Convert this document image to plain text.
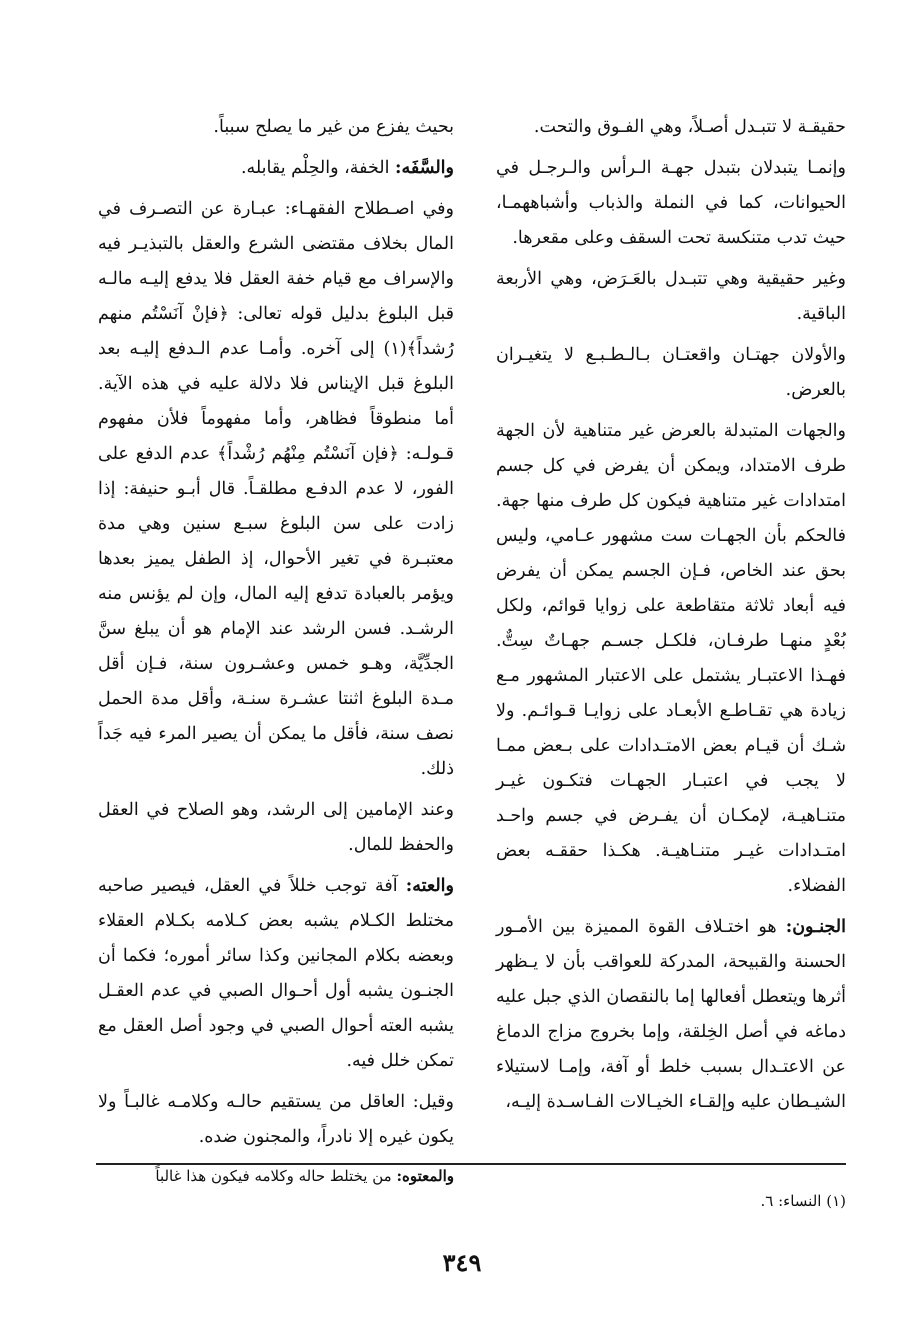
حقيقـة لا تتبـدل أصـلاً، وهي الفـوق والتحت.

وإنمـا يتبدلان بتبدل جهـة الـرأس والـرجـل في الحيوانات، كما في النملة والذباب وأشباههمـا، حيث تدب متنكسة تحت السقف وعلى مقعرها.

وغير حقيقية وهي تتبـدل بالعَـرَض، وهي الأربعة الباقية.

والأولان جهتـان واقعتـان بـالـطـبـع لا يتغيـران بالعرض.

والجهات المتبدلة بالعرض غير متناهية لأن الجهة طرف الامتداد، ويمكن أن يفرض في كل جسم امتدادات غير متناهية فيكون كل طرف منها جهة. فالحكم بأن الجهـات ست مشهور عـامي، وليس بحق عند الخاص، فـإن الجسم يمكن أن يفرض فيه أبعاد ثلاثة متقاطعة على زوايا قوائم، ولكل بُعْدٍ منهـا طرفـان، فلكـل جسـم جهـاتٌ سِتٌّ. فهـذا الاعتبـار يشتمل على الاعتبار المشهور مـع زيادة هي تقـاطـع الأبعـاد على زوايـا قـوائـم. ولا شـك أن قيـام بعض الامتـدادات على بـعض ممـا لا يجب في اعتبـار الجهـات فتكـون غيـر متنـاهيـة، لإمكـان أن يفـرض في جسم واحـد امتـدادات غيـر متنـاهيـة. هكـذا حققـه بعض الفضلاء.

الجنـون: هو اختـلاف القوة المميزة بين الأمـور الحسنة والقبيحة، المدركة للعواقب بأن لا يـظهر أثرها ويتعطل أفعالها إما بالنقصان الذي جبل عليه دماغه في أصل الخِلقة، وإما بخروج مزاج الدماغ عن الاعتـدال بسبب خلط أو آفة، وإمـا لاستيلاء الشيـطان عليه وإلقـاء الخيـالات الفـاسـدة إليـه،

بحيث يفزع من غير ما يصلح سبباً.

والسَّفَه: الخفة، والحِلْم يقابله.

وفي اصـطلاح الفقهـاء: عبـارة عن التصـرف في المال بخلاف مقتضى الشرع والعقل بالتبذيـر فيه والإسراف مع قيام خفة العقل فلا يدفع إليـه مالـه قبل البلوغ بدليل قوله تعالى: ﴿فإنْ آنَسْتُم منهم رُشداً﴾(١) إلى آخره. وأمـا عدم الـدفع إليـه بعد البلوغ قبل الإيناس فلا دلالة عليه في هذه الآية. أما منطوقاً فظاهر، وأما مفهوماً فلأن مفهوم قـولـه: ﴿فإن آنَسْتُم مِنْهُم رُشْداً﴾ عدم الدفع على الفور، لا عدم الدفـع مطلقـاً. قال أبـو حنيفة: إذا زادت على سن البلوغ سبـع سنين وهي مدة معتبـرة في تغير الأحوال، إذ الطفل يميز بعدها ويؤمر بالعبادة تدفع إليه المال، وإن لم يؤنس منه الرشـد. فسن الرشد عند الإمام هو أن يبلغ سنَّ الجدِّيَّة، وهـو خمس وعشـرون سنة، فـإن أقل مـدة البلوغ اثنتا عشـرة سنـة، وأقل مدة الحمل نصف سنة، فأقل ما يمكن أن يصير المرء فيه جَداً ذلك.

وعند الإمامين إلى الرشد، وهو الصلاح في العقل والحفظ للمال.

والعته: آفة توجب خللاً في العقل، فيصير صاحبه مختلط الكـلام يشبه بعض كـلامه بكـلام العقلاء وبعضه بكلام المجانين وكذا سائر أموره؛ فكما أن الجنـون يشبه أول أحـوال الصبي في عدم العقـل يشبه العته أحوال الصبي في وجود أصل العقل مع تمكن خلل فيه.

وقيل: العاقل من يستقيم حالـه وكلامـه غالبـاً ولا يكون غيره إلا نادراً، والمجنون ضده.

والمعتوه: من يختلط حاله وكلامه فيكون هذا غالباً

(١) النساء: ٦.
٣٤٩
